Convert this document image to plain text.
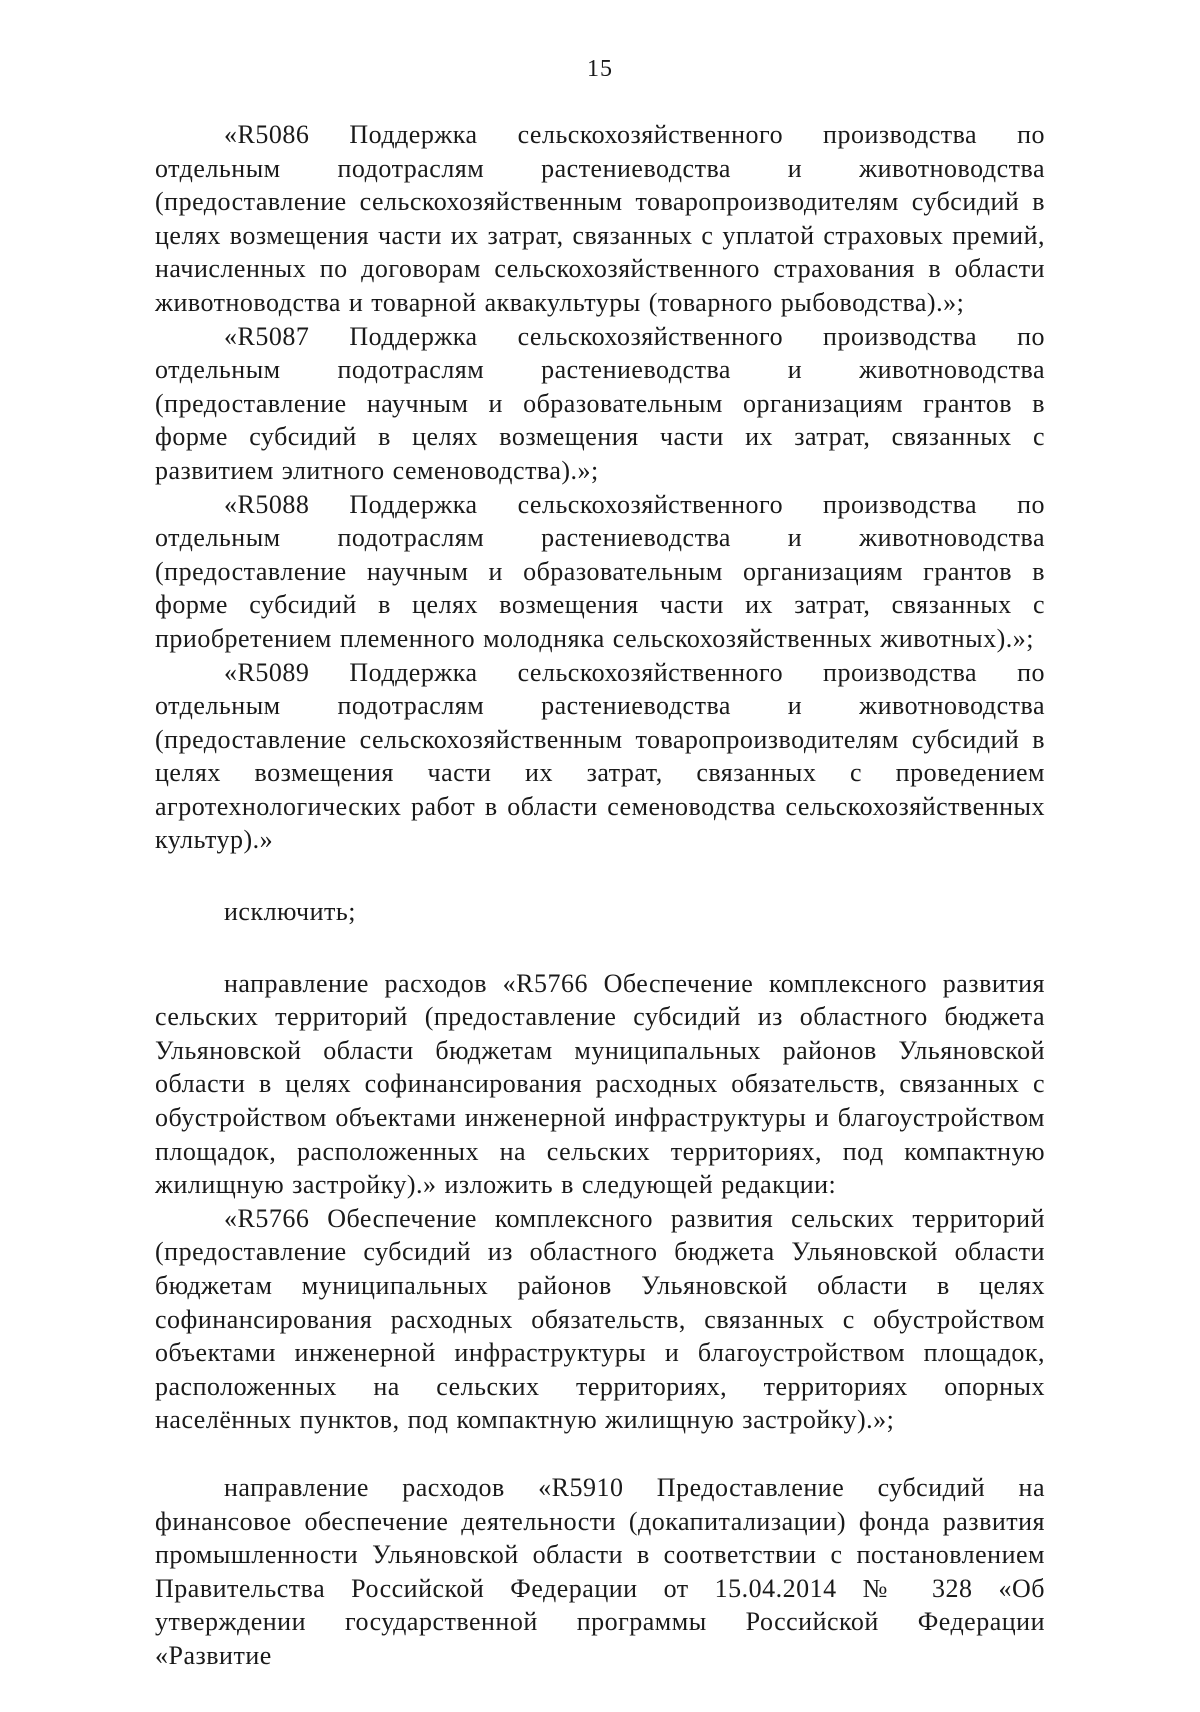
15

«R5086 Поддержка сельскохозяйственного производства по отдельным подотраслям растениеводства и животноводства (предоставление сельскохозяйственным товаропроизводителям субсидий в целях возмещения части их затрат, связанных с уплатой страховых премий, начисленных по договорам сельскохозяйственного страхования в области животноводства и товарной аквакультуры (товарного рыбоводства).»;

«R5087 Поддержка сельскохозяйственного производства по отдельным подотраслям растениеводства и животноводства (предоставление научным и образовательным организациям грантов в форме субсидий в целях возмещения части их затрат, связанных с развитием элитного семеноводства).»;

«R5088 Поддержка сельскохозяйственного производства по отдельным подотраслям растениеводства и животноводства (предоставление научным и образовательным организациям грантов в форме субсидий в целях возмещения части их затрат, связанных с приобретением племенного молодняка сельскохозяйственных животных).»;

«R5089 Поддержка сельскохозяйственного производства по отдельным подотраслям растениеводства и животноводства (предоставление сельскохозяйственным товаропроизводителям субсидий в целях возмещения части их затрат, связанных с проведением агротехнологических работ в области семеноводства сельскохозяйственных культур).»

исключить;

направление расходов «R5766 Обеспечение комплексного развития сельских территорий (предоставление субсидий из областного бюджета Ульяновской области бюджетам муниципальных районов Ульяновской области в целях софинансирования расходных обязательств, связанных с обустройством объектами инженерной инфраструктуры и благоустройством площадок, расположенных на сельских территориях, под компактную жилищную застройку).» изложить в следующей редакции:

«R5766 Обеспечение комплексного развития сельских территорий (предоставление субсидий из областного бюджета Ульяновской области бюджетам муниципальных районов Ульяновской области в целях софинансирования расходных обязательств, связанных с обустройством объектами инженерной инфраструктуры и благоустройством площадок, расположенных на сельских территориях, территориях опорных населённых пунктов, под компактную жилищную застройку).»;

направление расходов «R5910 Предоставление субсидий на финансовое обеспечение деятельности (докапитализации) фонда развития промышленности Ульяновской области в соответствии с постановлением Правительства Российской Федерации от 15.04.2014 № 328 «Об утверждении государственной программы Российской Федерации «Развитие
